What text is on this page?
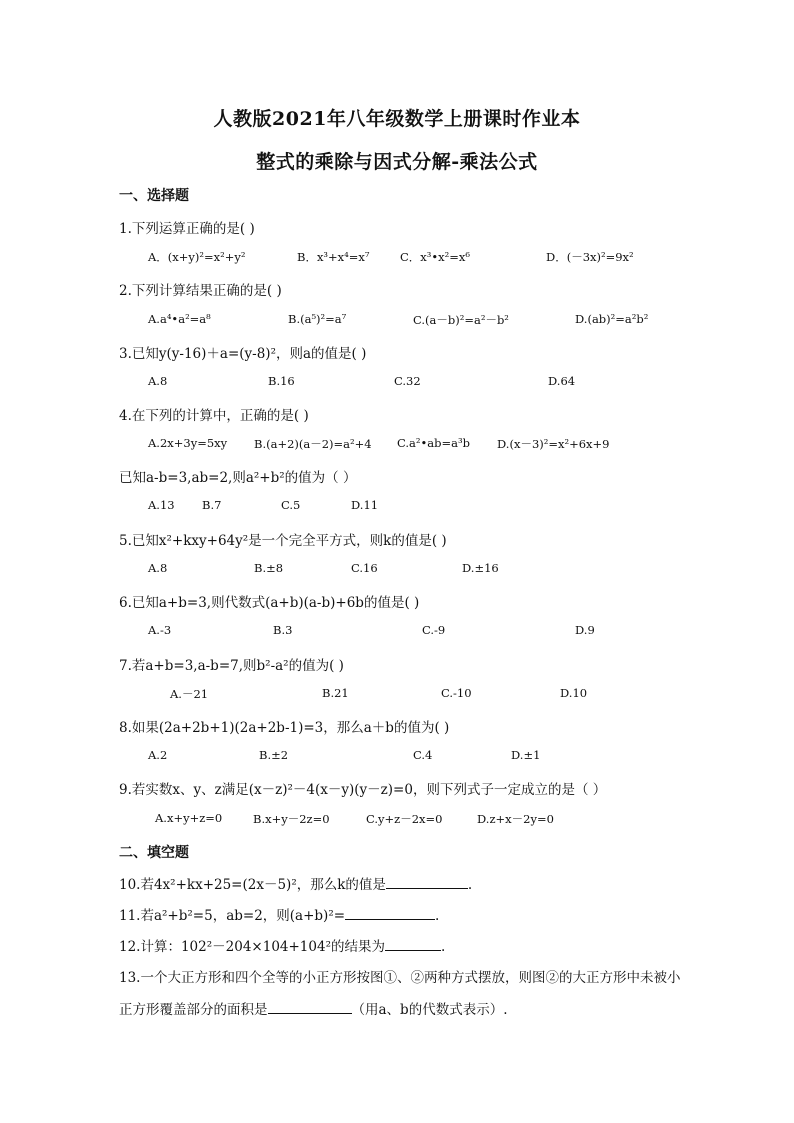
人教版2021年八年级数学上册课时作业本
整式的乘除与因式分解-乘法公式
一、选择题
1.下列运算正确的是( )
A．(x+y)²=x²+y²	B．x³+x⁴=x⁷	C．x³•x²=x⁶	D．(－3x)²=9x²
2.下列计算结果正确的是( )
A.a⁴•a²=a⁸	B.(a⁵)²=a⁷	C.(a－b)²=a²－b²	D.(ab)²=a²b²
3.已知y(y-16)＋a=(y-8)²，则a的值是( )
A.8	B.16	C.32	D.64
4.在下列的计算中，正确的是( )
A.2x+3y=5xy B.(a+2)(a－2)=a²+4 C.a²•ab=a³b D.(x－3)²=x²+6x+9
已知a-b=3,ab=2,则a²+b²的值为（ ）
A.13 B.7	C.5	D.11
5.已知x²+kxy+64y²是一个完全平方式，则k的值是( )
A.8	B.±8	C.16	D.±16
6.已知a+b=3,则代数式(a+b)(a-b)+6b的值是( )
A.-3	B.3	C.-9	D.9
7.若a+b=3,a-b=7,则b²-a²的值为( )
A.－21	B.21	C.-10	D.10
8.如果(2a+2b+1)(2a+2b-1)=3，那么a＋b的值为( )
A.2	B.±2	C.4	D.±1
9.若实数x、y、z满足(x－z)²－4(x－y)(y－z)=0，则下列式子一定成立的是（ ）
A.x+y+z=0	B.x+y－2z=0	C.y+z－2x=0	D.z+x－2y=0
二、填空题
10.若4x²+kx+25=(2x－5)²，那么k的值是	.
11.若a²+b²=5，ab=2，则(a+b)²=	.
12.计算：102²－204×104+104²的结果为	.
13.一个大正方形和四个全等的小正方形按图①、②两种方式摆放，则图②的大正方形中未被小
正方形覆盖部分的面积是	（用a、b的代数式表示）.
